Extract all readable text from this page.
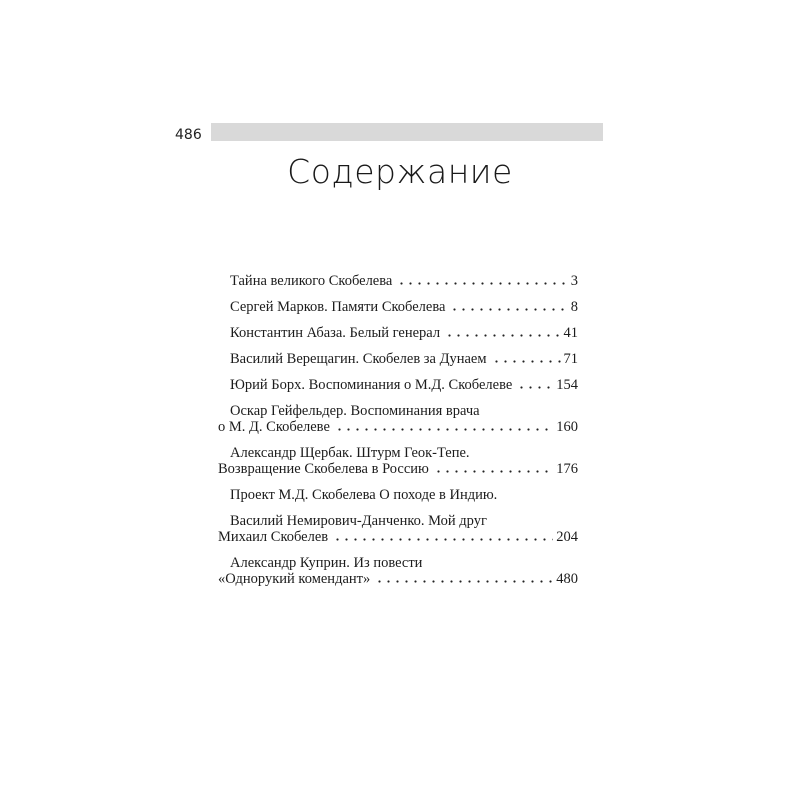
486
Содержание
Тайна великого Скобелева	3
Сергей Марков. Памяти Скобелева	8
Константин Абаза. Белый генерал	41
Василий Верещагин. Скобелев за Дунаем	71
Юрий Борх. Воспоминания о М.Д. Скобелеве	154
Оскар Гейфельдер. Воспоминания врача
о М. Д. Скобелеве	160
Александр Щербак. Штурм Геок-Тепе.
Возвращение Скобелева в Россию	176
Проект М.Д. Скобелева О походе в Индию.
Василий Немирович-Данченко. Мой друг
Михаил Скобелев	204
Александр Куприн. Из повести
«Однорукий комендант»	480
